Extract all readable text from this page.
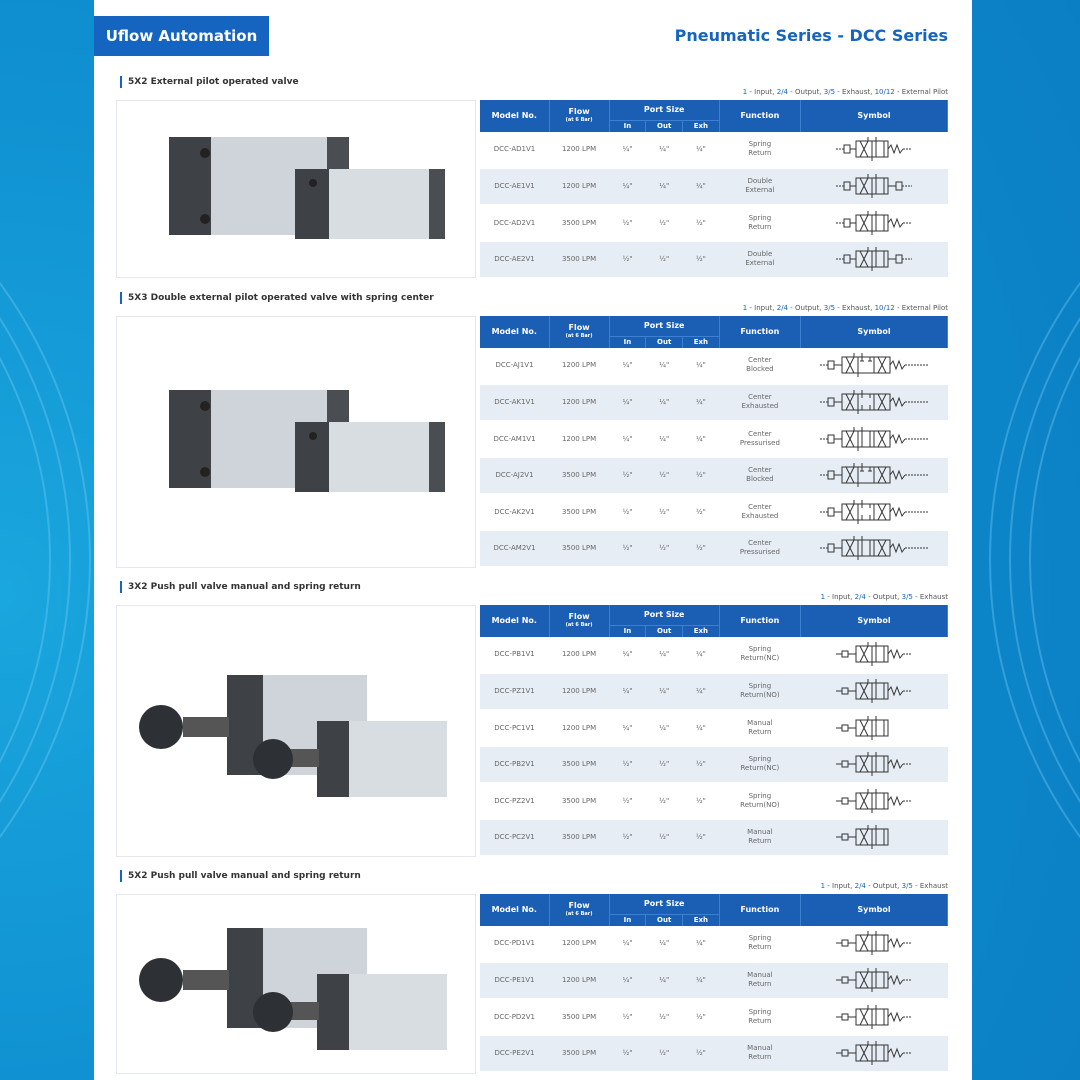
Uflow Automation	Pneumatic Series - DCC Series
5X2 External pilot operated valve
1 - Input, 2/4 - Output, 3/5 - Exhaust, 10/12 - External Pilot
Model No.	Flow
(at 6 Bar)	Port Size			Function	Symbol
		In	Out	Exh		
DCC-AD1V1	1200 LPM	¼"	¼"	¼"	Spring
Return

DCC-AE1V1	1200 LPM	¼"	¼"	¼"	Double
External

DCC-AD2V1	3500 LPM	½"	½"	½"	Spring
Return

DCC-AE2V1	3500 LPM	½"	½"	½"	Double
External

5X3 Double external pilot operated valve with spring center
1 - Input, 2/4 - Output, 3/5 - Exhaust, 10/12 - External Pilot
Model No.	Flow
(at 6 Bar)	Port Size			Function	Symbol
		In	Out	Exh		
DCC-AJ1V1	1200 LPM	¼"	¼"	¼"	Center
Blocked

DCC-AK1V1	1200 LPM	¼"	¼"	¼"	Center
Exhausted

DCC-AM1V1	1200 LPM	¼"	¼"	¼"	Center
Pressurised

DCC-AJ2V1	3500 LPM	½"	½"	½"	Center
Blocked

DCC-AK2V1	3500 LPM	½"	½"	½"	Center
Exhausted

DCC-AM2V1	3500 LPM	½"	½"	½"	Center
Pressurised

3X2 Push pull valve manual and spring return
1 - Input, 2/4 - Output, 3/5 - Exhaust
Model No.	Flow
(at 6 Bar)	Port Size			Function	Symbol
		In	Out	Exh		
DCC-PB1V1	1200 LPM	¼"	¼"	¼"	Spring
Return(NC)

DCC-PZ1V1	1200 LPM	¼"	¼"	¼"	Spring
Return(NO)

DCC-PC1V1	1200 LPM	¼"	¼"	¼"	Manual
Return

DCC-PB2V1	3500 LPM	½"	½"	½"	Spring
Return(NC)

DCC-PZ2V1	3500 LPM	½"	½"	½"	Spring
Return(NO)

DCC-PC2V1	3500 LPM	½"	½"	½"	Manual
Return

5X2 Push pull valve manual and spring return
1 - Input, 2/4 - Output, 3/5 - Exhaust
Model No.	Flow
(at 6 Bar)	Port Size			Function	Symbol
		In	Out	Exh		
DCC-PD1V1	1200 LPM	¼"	¼"	¼"	Spring
Return

DCC-PE1V1	1200 LPM	¼"	¼"	¼"	Manual
Return

DCC-PD2V1	3500 LPM	½"	½"	½"	Spring
Return

DCC-PE2V1	3500 LPM	½"	½"	½"	Manual
Return
